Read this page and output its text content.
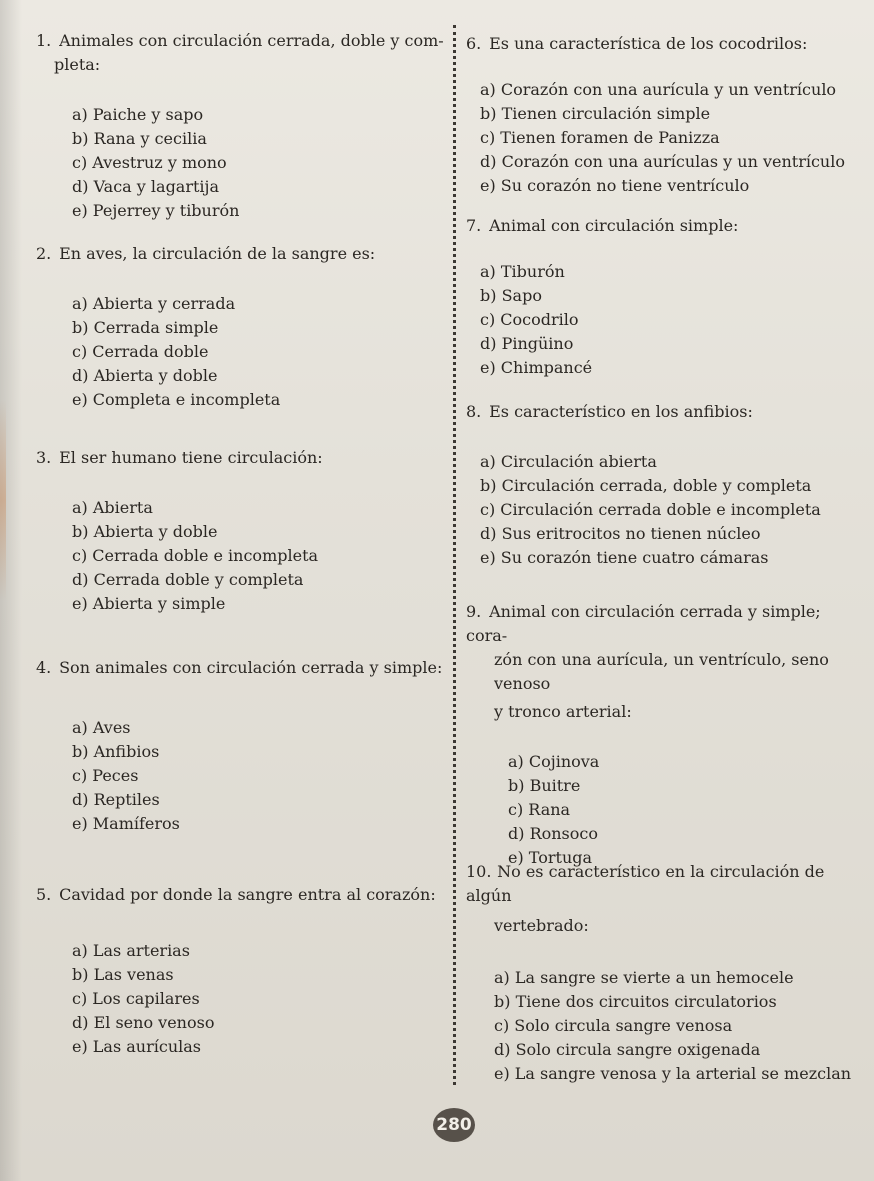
1. Animales con circulación cerrada, doble y com-
pleta:
a) Paiche y sapo
b) Rana y cecilia
c) Avestruz y mono
d) Vaca y lagartija
e) Pejerrey y tiburón
2. En aves, la circulación de la sangre es:
a) Abierta y cerrada
b) Cerrada simple
c) Cerrada doble
d) Abierta y doble
e) Completa e incompleta
3. El ser humano tiene circulación:
a) Abierta
b) Abierta y doble
c) Cerrada doble e incompleta
d) Cerrada doble y completa
e) Abierta y simple
4. Son animales con circulación cerrada y simple:
a) Aves
b) Anfibios
c) Peces
d) Reptiles
e) Mamíferos
5. Cavidad por donde la sangre entra al corazón:
a) Las arterias
b) Las venas
c) Los capilares
d) El seno venoso
e) Las aurículas
6. Es una característica de los cocodrilos:
a) Corazón con una aurícula y un ventrículo
b) Tienen circulación simple
c) Tienen foramen de Panizza
d) Corazón con una aurículas y un ventrículo
e) Su corazón no tiene ventrículo
7. Animal con circulación simple:
a) Tiburón
b) Sapo
c) Cocodrilo
d) Pingüino
e) Chimpancé
8. Es característico en los anfibios:
a) Circulación abierta
b) Circulación cerrada, doble y completa
c) Circulación cerrada doble e incompleta
d) Sus eritrocitos no tienen núcleo
e) Su corazón tiene cuatro cámaras
9. Animal con circulación cerrada y simple; cora-
zón con una aurícula, un ventrículo, seno venoso
y tronco arterial:
a) Cojinova
b) Buitre
c) Rana
d) Ronsoco
e) Tortuga
10. No es característico en la circulación de algún
vertebrado:
a) La sangre se vierte a un hemocele
b) Tiene dos circuitos circulatorios
c) Solo circula sangre venosa
d) Solo circula sangre oxigenada
e) La sangre venosa y la arterial se mezclan
280
